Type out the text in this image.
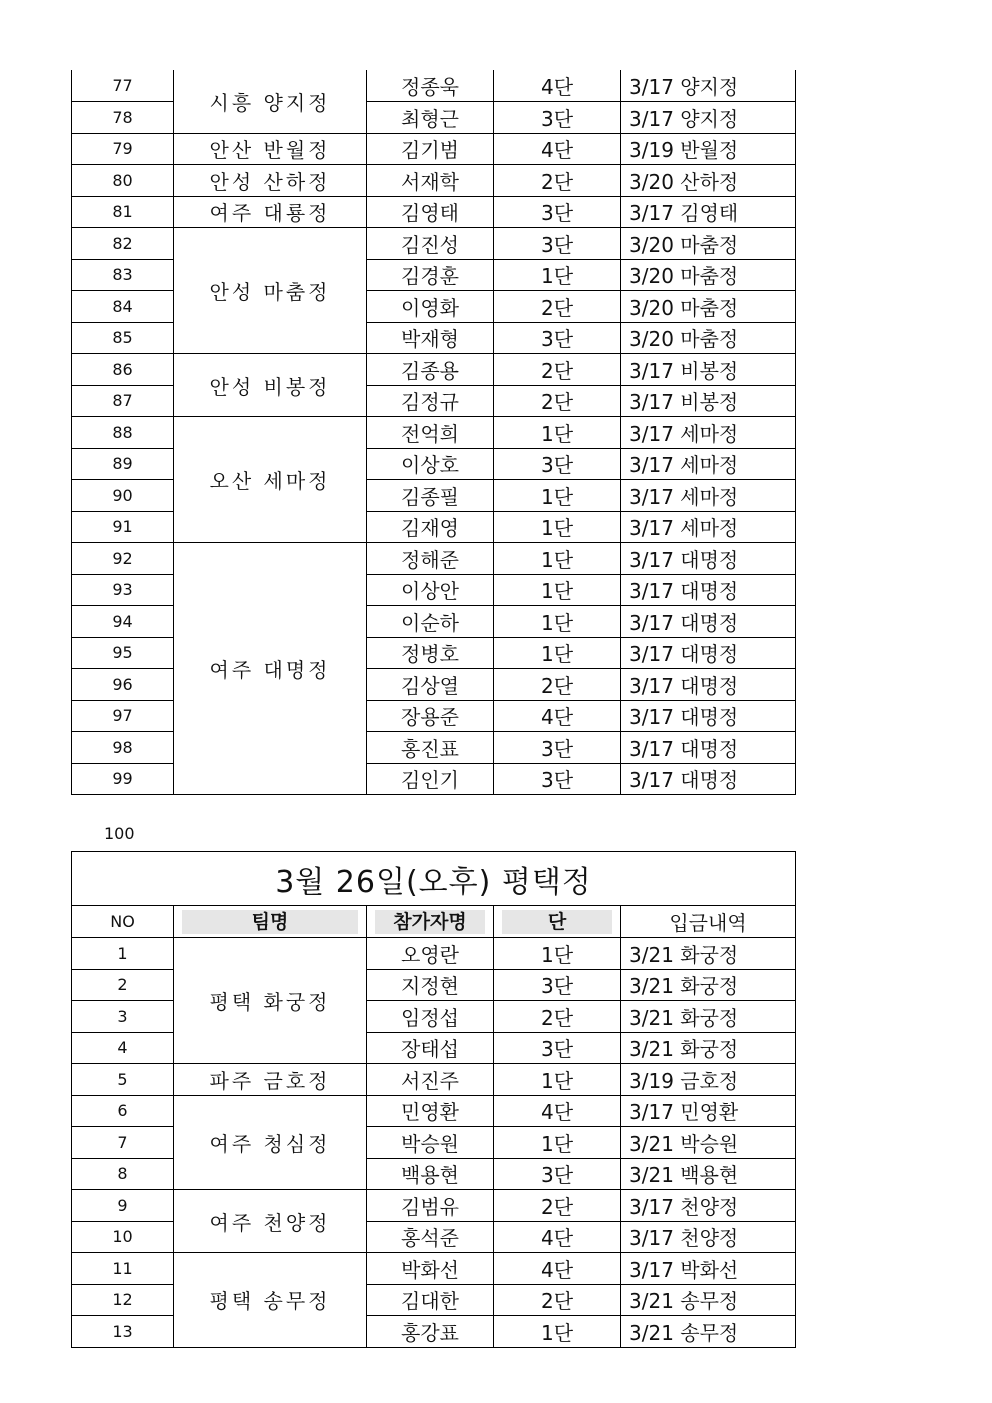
77	시흥 양지정	정종욱	4단	3/17 양지정
78		최형근	3단	3/17 양지정
79	안산 반월정	김기범	4단	3/19 반월정
80	안성 산하정	서재학	2단	3/20 산하정
81	여주 대룡정	김영태	3단	3/17 김영태
82	안성 마춤정	김진성	3단	3/20 마춤정
83		김경훈	1단	3/20 마춤정
84		이영화	2단	3/20 마춤정
85		박재형	3단	3/20 마춤정
86	안성 비봉정	김종용	2단	3/17 비봉정
87		김정규	2단	3/17 비봉정
88	오산 세마정	전억희	1단	3/17 세마정
89		이상호	3단	3/17 세마정
90		김종필	1단	3/17 세마정
91		김재영	1단	3/17 세마정
92	여주 대명정	정해준	1단	3/17 대명정
93		이상안	1단	3/17 대명정
94		이순하	1단	3/17 대명정
95		정병호	1단	3/17 대명정
96		김상열	2단	3/17 대명정
97		장용준	4단	3/17 대명정
98		홍진표	3단	3/17 대명정
99		김인기	3단	3/17 대명정
100
3월 26일(오후) 평택정				
NO	팀명	참가자명	단	입금내역
1	평택 화궁정	오영란	1단	3/21 화궁정
2		지정현	3단	3/21 화궁정
3		임정섭	2단	3/21 화궁정
4		장태섭	3단	3/21 화궁정
5	파주 금호정	서진주	1단	3/19 금호정
6	여주 청심정	민영환	4단	3/17 민영환
7		박승원	1단	3/21 박승원
8		백용현	3단	3/21 백용현
9	여주 천양정	김범유	2단	3/17 천양정
10		홍석준	4단	3/17 천양정
11	평택 송무정	박화선	4단	3/17 박화선
12		김대한	2단	3/21 송무정
13		홍강표	1단	3/21 송무정
